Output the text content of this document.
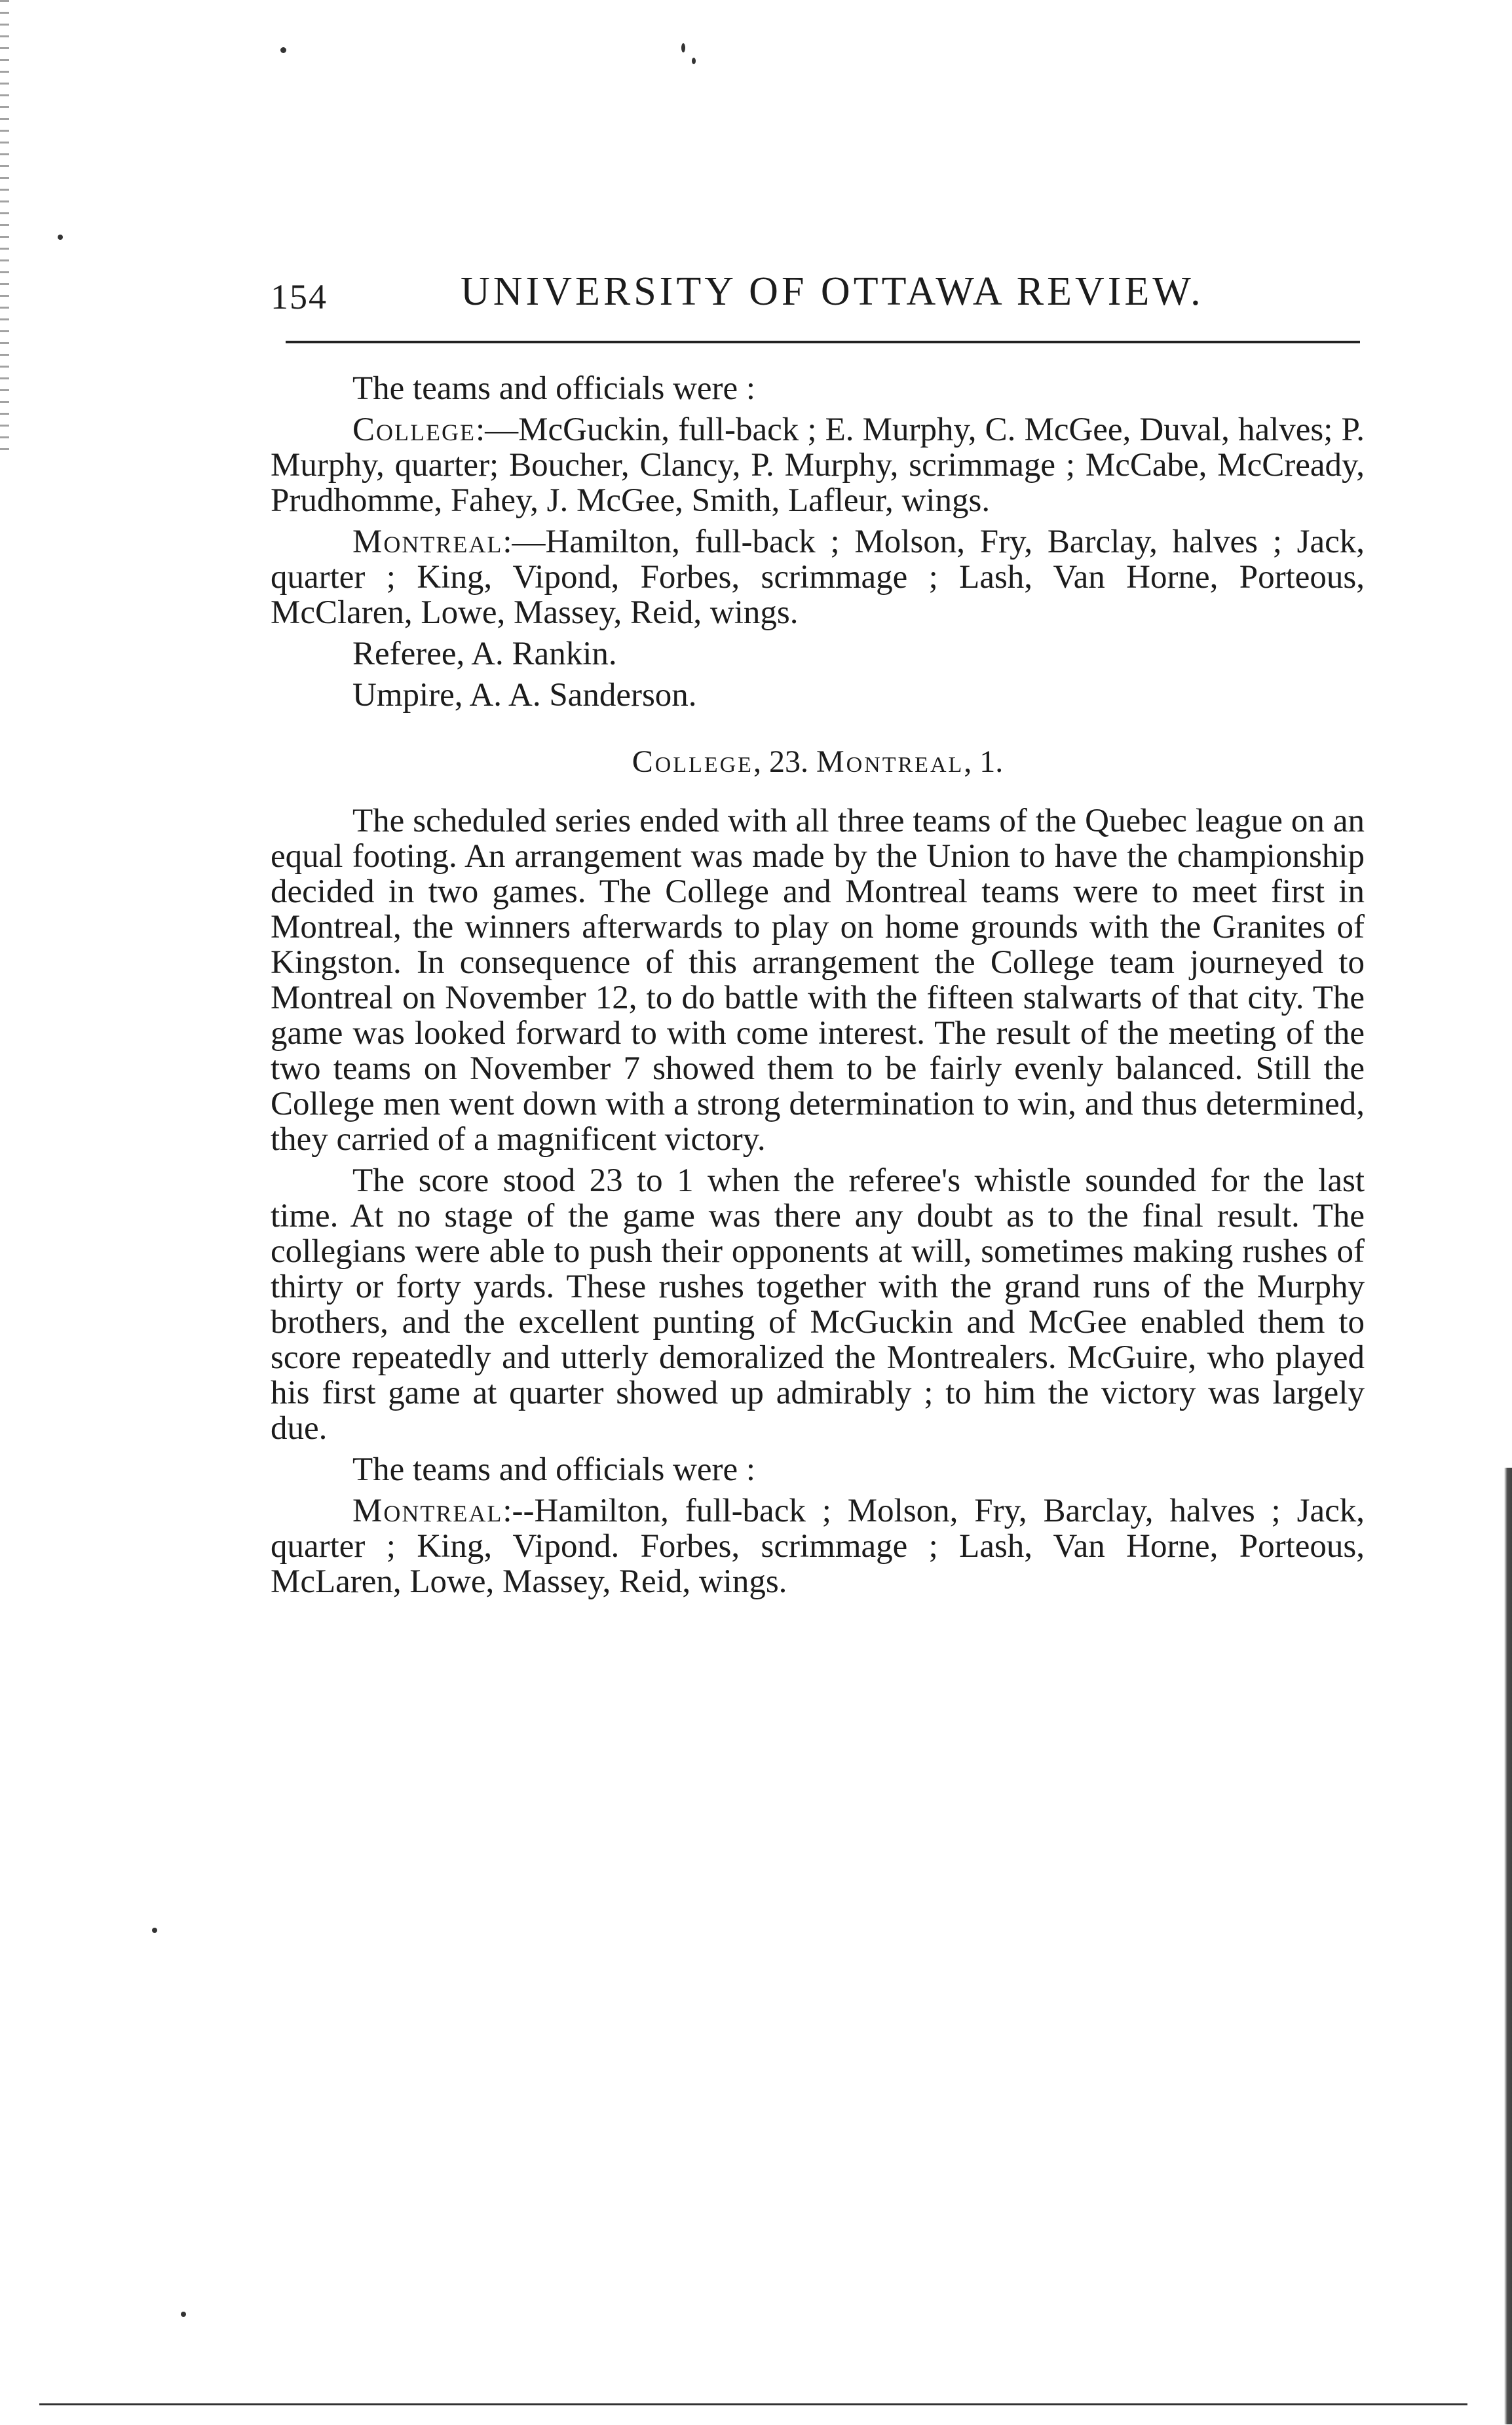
154	UNIVERSITY OF OTTAWA REVIEW.

The teams and officials were :

College:—McGuckin, full-back ; E. Murphy, C. McGee, Duval, halves; P. Murphy, quarter; Boucher, Clancy, P. Murphy, scrimmage ; McCabe, McCready, Prudhomme, Fahey, J. McGee, Smith, Lafleur, wings.

Montreal:—Hamilton, full-back ; Molson, Fry, Barclay, halves ; Jack, quarter ; King, Vipond, Forbes, scrimmage ; Lash, Van Horne, Porteous, McClaren, Lowe, Massey, Reid, wings.

Referee, A. Rankin.

Umpire, A. A. Sanderson.

College, 23. Montreal, 1.

The scheduled series ended with all three teams of the Quebec league on an equal footing. An arrangement was made by the Union to have the championship decided in two games. The College and Montreal teams were to meet first in Montreal, the winners afterwards to play on home grounds with the Granites of Kingston. In consequence of this arrangement the College team journeyed to Montreal on November 12, to do battle with the fifteen stalwarts of that city. The game was looked forward to with come interest. The result of the meeting of the two teams on November 7 showed them to be fairly evenly balanced. Still the College men went down with a strong determination to win, and thus determined, they carried of a magnificent victory.

The score stood 23 to 1 when the referee's whistle sounded for the last time. At no stage of the game was there any doubt as to the final result. The collegians were able to push their opponents at will, sometimes making rushes of thirty or forty yards. These rushes together with the grand runs of the Murphy brothers, and the excellent punting of McGuckin and McGee enabled them to score repeatedly and utterly demoralized the Montrealers. McGuire, who played his first game at quarter showed up admirably ; to him the victory was largely due.

The teams and officials were :

Montreal:--Hamilton, full-back ; Molson, Fry, Barclay, halves ; Jack, quarter ; King, Vipond. Forbes, scrimmage ; Lash, Van Horne, Porteous, McLaren, Lowe, Massey, Reid, wings.
